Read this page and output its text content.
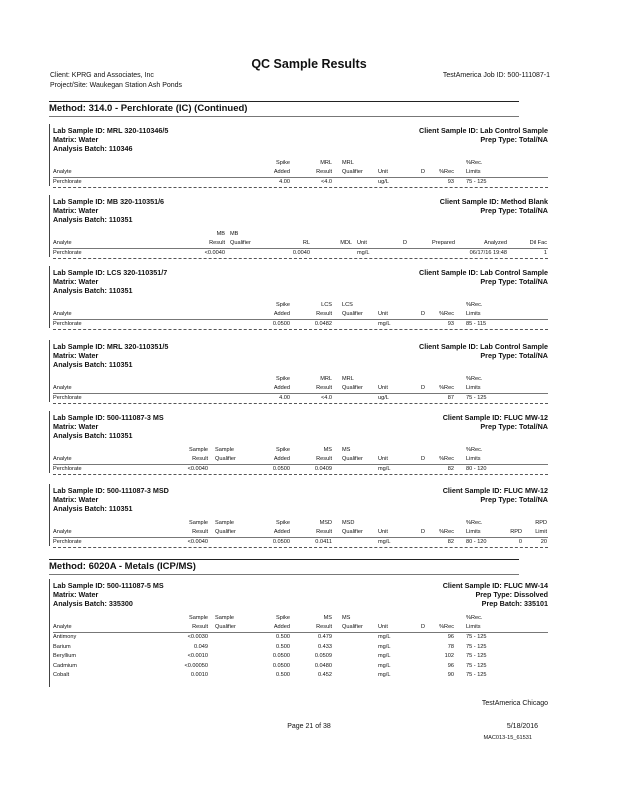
QC Sample Results
Client: KPRG and Associates, Inc
Project/Site: Waukegan Station Ash Ponds
TestAmerica Job ID: 500-111087-1
Method: 314.0 - Perchlorate (IC) (Continued)
Lab Sample ID: MRL 320-110346/5	Client Sample ID: Lab Control Sample
Matrix: Water	Prep Type: Total/NA
Analysis Batch: 110346
Spike	MRL MRL	%Rec.
Analyte	Added	Result Qualifier	Unit	D	%Rec Limits
Perchlorate	4.00	<4.0	ug/L	93 75 - 125
Lab Sample ID: MB 320-110351/6	Client Sample ID: Method Blank
Matrix: Water	Prep Type: Total/NA
Analysis Batch: 110351
MB MB
Analyte	Result Qualifier	RL	MDL Unit	D	Prepared	Analyzed	Dil Fac
Perchlorate	<0.0040	0.0040	mg/L	06/17/16 19:48	1
Lab Sample ID: LCS 320-110351/7	Client Sample ID: Lab Control Sample
Matrix: Water	Prep Type: Total/NA
Analysis Batch: 110351
Spike	LCS LCS	%Rec.
Analyte	Added	Result Qualifier	Unit	D	%Rec Limits
Perchlorate	0.0500	0.0482	mg/L	93 85 - 115
Lab Sample ID: MRL 320-110351/5	Client Sample ID: Lab Control Sample
Matrix: Water	Prep Type: Total/NA
Analysis Batch: 110351
Spike	MRL MRL	%Rec.
Analyte	Added	Result Qualifier	Unit	D	%Rec Limits
Perchlorate	4.00	<4.0	ug/L	87 75 - 125
Lab Sample ID: 500-111087-3 MS	Client Sample ID: FLUC MW-12
Matrix: Water	Prep Type: Total/NA
Analysis Batch: 110351
Sample Sample	Spike	MS MS	%Rec.
Analyte	Result Qualifier	Added	Result Qualifier	Unit	D	%Rec Limits
Perchlorate	<0.0040	0.0500	0.0409	mg/L	82 80 - 120
Lab Sample ID: 500-111087-3 MSD	Client Sample ID: FLUC MW-12
Matrix: Water	Prep Type: Total/NA
Analysis Batch: 110351
Sample Sample	Spike	MSD MSD	%Rec.	RPD
Analyte	Result Qualifier	Added	Result Qualifier	Unit	D	%Rec Limits	RPD Limit
Perchlorate	<0.0040	0.0500	0.0411	mg/L	82 80 - 120	0	20
Method: 6020A - Metals (ICP/MS)
Lab Sample ID: 500-111087-5 MS	Client Sample ID: FLUC MW-14
Matrix: Water	Prep Type: Dissolved
Analysis Batch: 335300	Prep Batch: 335101
Sample Sample	Spike	MS MS	%Rec.
Analyte	Result Qualifier	Added	Result Qualifier	Unit	D	%Rec Limits
Antimony	<0.0030	0.500	0.479	mg/L	96 75 - 125
Barium	0.049	0.500	0.433	mg/L	78 75 - 125
Beryllium	<0.0010	0.0500	0.0509	mg/L	102 75 - 125
Cadmium	<0.00050	0.0500	0.0480	mg/L	96 75 - 125
Cobalt	0.0010	0.500	0.452	mg/L	90 75 - 125
TestAmerica Chicago
Page 21 of 38	5/18/2016
MAC013-15_61531
